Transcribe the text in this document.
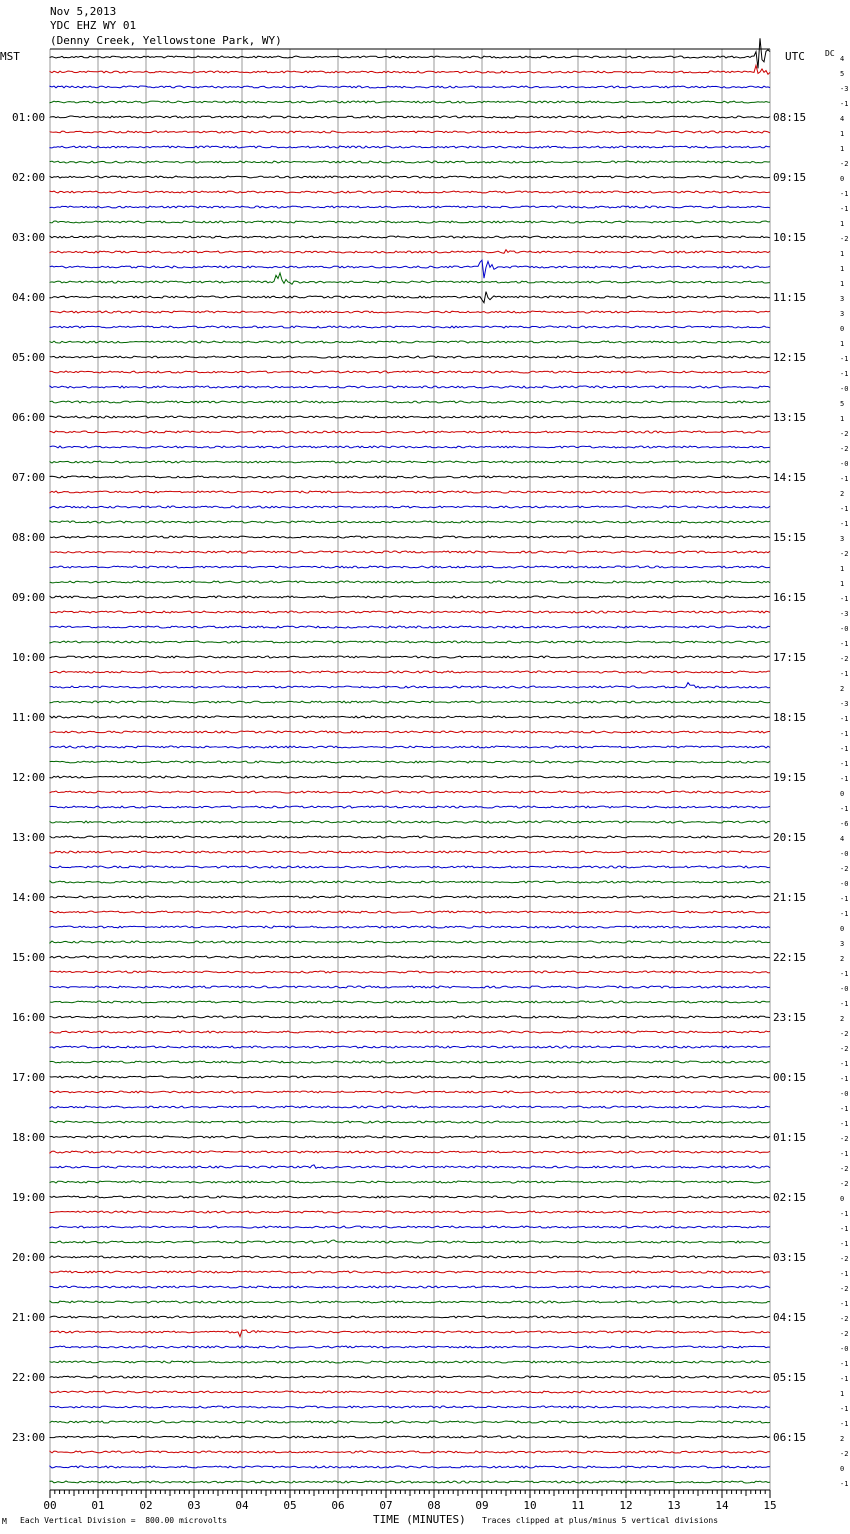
Nov 5,2013
YDC EHZ WY 01
(Denny Creek, Yellowstone Park, WY)
MST	UTC	DC
4
5
-3
-1
4
1
1
-2
0
-1
-1
1
-2
1
1
1
3
3
0
1
-1
-1
-0
5
1
-2
-2
-0
-1
2
-1
-1
3
-2
1
1
-1
-3
-0
-1
-2
-1
2
-3
-1
-1
-1
-1
-1
0
-1
-6
4
-0
-2
-0
-1
-1
0
3
2
-1
-0
-1
2
-2
-2
-1
-1
-0
-1
-1
-2
-1
-2
-2
0
-1
-1
-1
-2
-1
-2
-1
-2
-2
-0
-1
-1
1
-1
-1
2
-2
0
-1
01:00
02:00
03:00
04:00
05:00
06:00
07:00
08:00
09:00
10:00
11:00
12:00
13:00
14:00
15:00
16:00
17:00
18:00
19:00
20:00
21:00
22:00
23:00
08:15
09:15
10:15
11:15
12:15
13:15
14:15
15:15
16:15
17:15
18:15
19:15
20:15
21:15
22:15
23:15
00:15
01:15
02:15
03:15
04:15
05:15
06:15
00	01	02	03	04	05	06	07	08	09	10	11	12	13	14	15
M Each Vertical Division =  800.00 microvolts	TIME (MINUTES) Traces clipped at plus/minus 5 vertical divisions
